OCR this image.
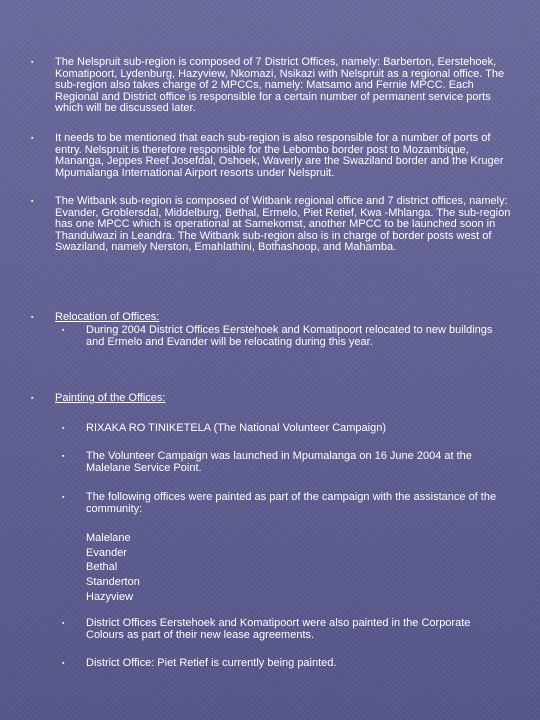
▪
The Nelspruit sub-region is composed of 7 District Offices, namely: Barberton, Eerstehoek, Komatipoort, Lydenburg, Hazyview, Nkomazi, Nsikazi with Nelspruit as a regional office. The sub-region also takes charge of 2 MPCCs, namely: Matsamo and Fernie MPCC. Each Regional and District office is responsible for a certain number of permanent service ports which will be discussed later.
▪
It needs to be mentioned that each sub-region is also responsible for a number of ports of entry. Nelspruit is therefore responsible for the Lebombo border post to Mozambique, Mananga, Jeppes Reef Josefdal, Oshoek, Waverly are the Swaziland border and the Kruger Mpumalanga International Airport resorts under Nelspruit.
▪
The Witbank sub-region is composed of Witbank regional office and 7 district offices, namely: Evander, Groblersdal, Middelburg, Bethal, Ermelo, Piet Retief, Kwa -Mhlanga. The sub-region has one MPCC which is operational at Samekomst, another MPCC to be launched soon in Thandulwazi in Leandra. The Witbank sub-region also is in charge of border posts west of Swaziland, namely Nerston, Emahlathini, Bothashoop, and Mahamba.
▪
Relocation of Offices:
▪
During 2004 District Offices Eerstehoek and Komatipoort relocated to new buildings and Ermelo and Evander will be relocating during this year.
▪
Painting of the Offices:
▪
RIXAKA RO TINIKETELA (The National Volunteer Campaign)
▪
The Volunteer Campaign was launched in Mpumalanga on 16 June 2004 at the Malelane Service Point.
▪
The following offices were painted as part of the campaign with the assistance of the community:
Malelane
Evander
Bethal
Standerton
Hazyview
▪
District Offices Eerstehoek and Komatipoort were also painted in the Corporate Colours as part of their new lease agreements.
▪
District Office: Piet Retief is currently being painted.
